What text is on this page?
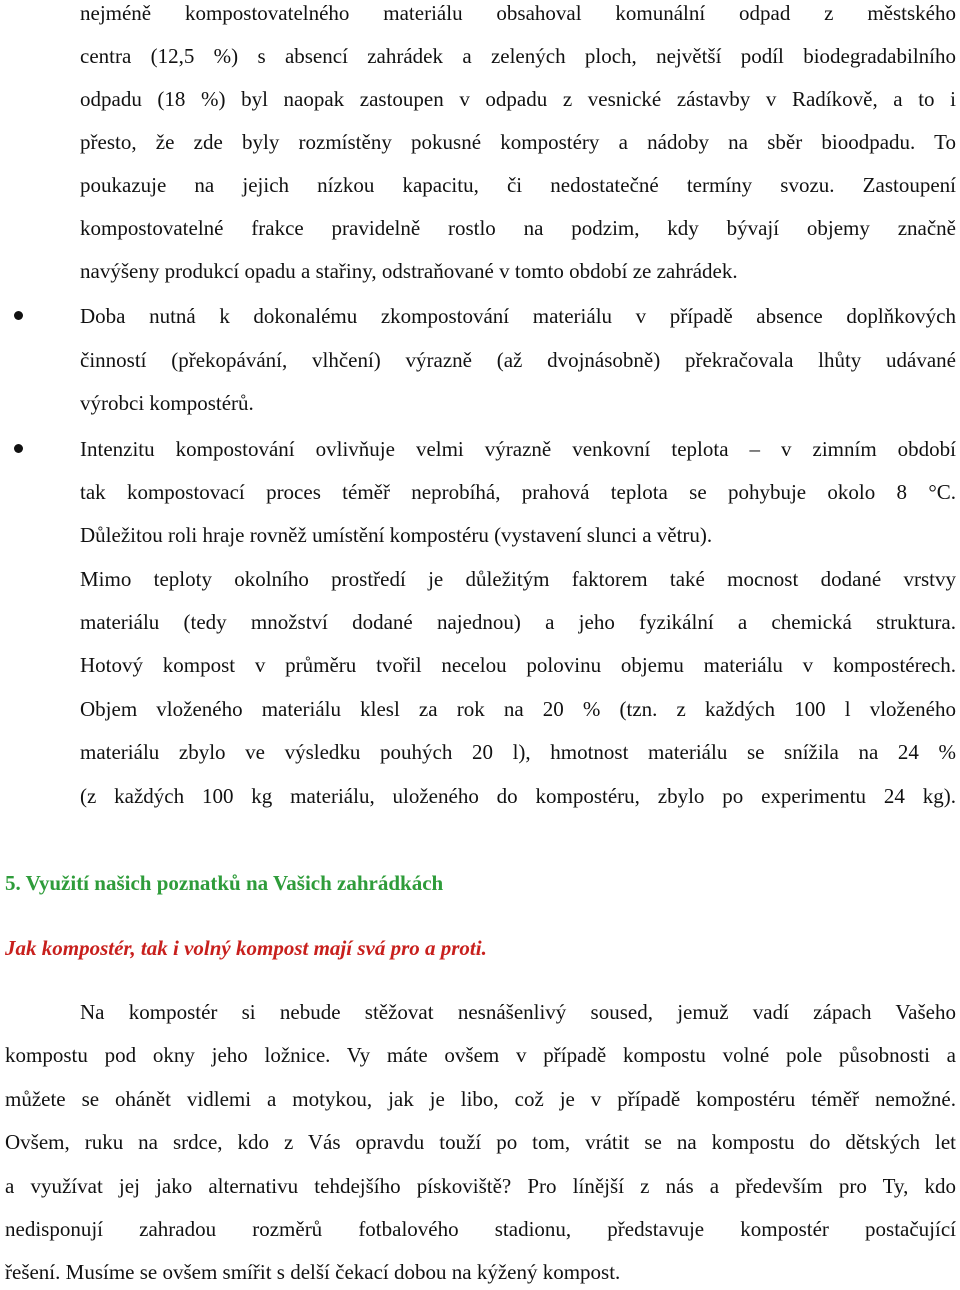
nejméně kompostovatelného materiálu obsahoval komunální odpad z městského

centra (12,5 %) s absencí zahrádek a zelených ploch, největší podíl biodegradabilního

odpadu (18 %) byl naopak zastoupen v odpadu z vesnické zástavby v Radíkově, a to i

přesto, že zde byly rozmístěny pokusné kompostéry a nádoby na sběr bioodpadu. To

poukazuje na jejich nízkou kapacitu, či nedostatečné termíny svozu. Zastoupení

kompostovatelné frakce pravidelně rostlo na podzim, kdy bývají objemy značně

navýšeny produkcí opadu a stařiny, odstraňované v tomto období ze zahrádek.

Doba nutná k dokonalému zkompostování materiálu v případě absence doplňkových

činností (překopávání, vlhčení) výrazně (až dvojnásobně) překračovala lhůty udávané

výrobci kompostérů.

Intenzitu kompostování ovlivňuje velmi výrazně venkovní teplota – v zimním období

tak kompostovací proces téměř neprobíhá, prahová teplota se pohybuje okolo 8 °C.

Důležitou roli hraje rovněž umístění kompostéru (vystavení slunci a větru).

Mimo teploty okolního prostředí je důležitým faktorem také mocnost dodané vrstvy

materiálu (tedy množství dodané najednou) a jeho fyzikální a chemická struktura.

Hotový kompost v průměru tvořil necelou polovinu objemu materiálu v kompostérech.

Objem vloženého materiálu klesl za rok na 20 % (tzn. z každých 100 l vloženého

materiálu zbylo ve výsledku pouhých 20 l), hmotnost materiálu se snížila na 24 %

(z každých 100 kg materiálu, uloženého do kompostéru, zbylo po experimentu 24 kg).

5. Využití našich poznatků na Vašich zahrádkách
Jak kompostér, tak i volný kompost mají svá pro a proti.

Na kompostér si nebude stěžovat nesnášenlivý soused, jemuž vadí zápach Vašeho

kompostu pod okny jeho ložnice. Vy máte ovšem v případě kompostu volné pole působnosti a

můžete se ohánět vidlemi a motykou, jak je libo, což je v případě kompostéru téměř nemožné.

Ovšem, ruku na srdce, kdo z Vás opravdu touží po tom, vrátit se na kompostu do dětských let

a využívat jej jako alternativu tehdejšího pískoviště? Pro línější z nás a především pro Ty, kdo

nedisponují zahradou rozměrů fotbalového stadionu, představuje kompostér postačující

řešení. Musíme se ovšem smířit s delší čekací dobou na kýžený kompost.
